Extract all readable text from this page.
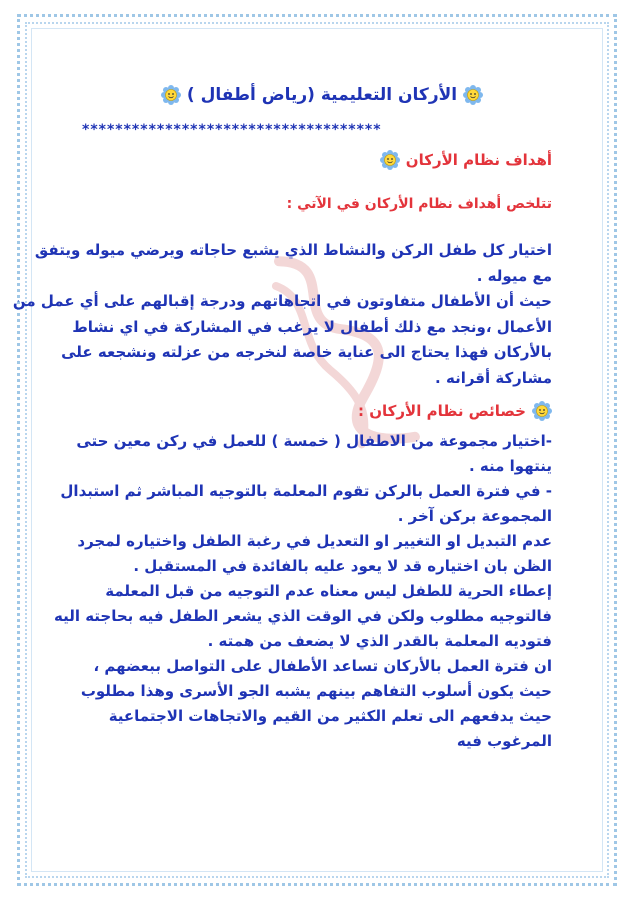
الأركان التعليمية (رياض أطفال )
************************************
أهداف نظام الأركان
تتلخص أهداف نظام الأركان في الآتي :
اختيار كل طفل الركن والنشاط الذي يشبع حاجاته ويرضي ميوله ويتفق
مع ميوله .
حيث أن الأطفال متفاوتون في اتجاهاتهم ودرجة إقبالهم على أي عمل من
الأعمال ،ونجد مع ذلك أطفال لا يرغب في المشاركة في اي نشاط
بالأركان فهذا يحتاج الى عناية خاصة لنخرجه من عزلته ونشجعه على
مشاركة أقرانه .
خصائص نظام الأركان :
-اختيار مجموعة من الاطفال ( خمسة ) للعمل في ركن معين حتى
ينتهوا منه .
- في فترة العمل بالركن تقوم المعلمة بالتوجيه المباشر ثم استبدال
المجموعة بركن آخر .
عدم التبديل او التغيير او التعديل في رغبة الطفل واختياره لمجرد
الظن بان اختياره قد لا يعود عليه بالفائدة في المستقبل .
إعطاء الحرية للطفل ليس معناه عدم التوجيه من قبل المعلمة
فالتوجيه مطلوب ولكن في الوقت الذي يشعر الطفل فيه بحاجته اليه
فتوديه المعلمة بالقدر الذي لا يضعف من همته .
ان فترة العمل بالأركان تساعد الأطفال على التواصل ببعضهم ،
حيث يكون أسلوب التفاهم بينهم يشبه الجو الأسرى وهذا مطلوب
حيث يدفعهم الى تعلم الكثير من القيم والاتجاهات الاجتماعية
المرغوب فيه
